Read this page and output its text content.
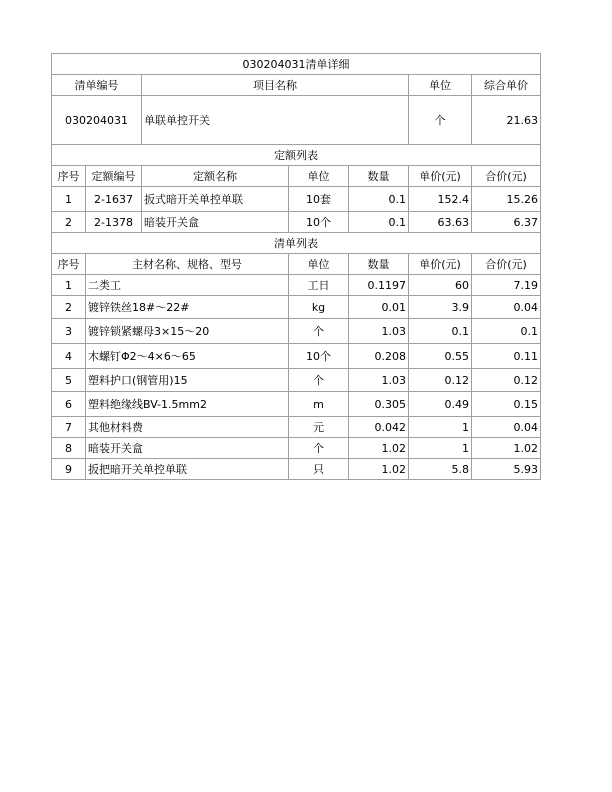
030204031清单详细						
清单编号		项目名称			单位	综合单价
030204031		单联单控开关			个	21.63
定额列表						
序号	定额编号	定额名称	单位	数量	单价(元)	合价(元)
1	2-1637	扳式暗开关单控单联	10套	0.1	152.4	15.26
2	2-1378	暗装开关盒	10个	0.1	63.63	6.37
清单列表						
序号	主材名称、规格、型号		单位	数量	单价(元)	合价(元)
1	二类工		工日	0.1197	60	7.19
2	镀锌铁丝18#～22#		kg	0.01	3.9	0.04
3	镀锌锁紧螺母3×15～20		个	1.03	0.1	0.1
4	木螺钉Φ2～4×6～65		10个	0.208	0.55	0.11
5	塑料护口(钢管用)15		个	1.03	0.12	0.12
6	塑料绝缘线BV-1.5mm2		m	0.305	0.49	0.15
7	其他材料费		元	0.042	1	0.04
8	暗装开关盒		个	1.02	1	1.02
9	扳把暗开关单控单联		只	1.02	5.8	5.93
